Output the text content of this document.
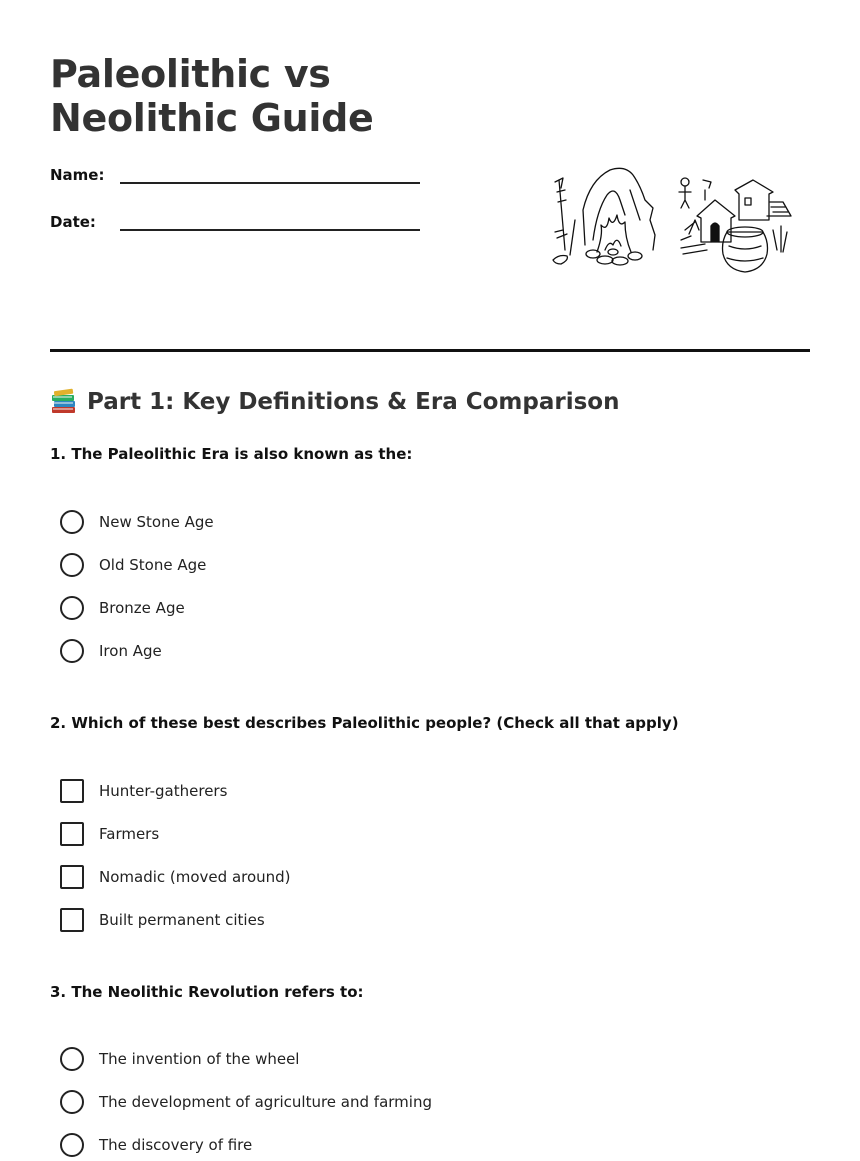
Paleolithic vs Neolithic Guide
Name:
Date:
Part 1: Key Definitions & Era Comparison
1. The Paleolithic Era is also known as the:
New Stone Age
Old Stone Age
Bronze Age
Iron Age
2. Which of these best describes Paleolithic people? (Check all that apply)
Hunter-gatherers
Farmers
Nomadic (moved around)
Built permanent cities
3. The Neolithic Revolution refers to:
The invention of the wheel
The development of agriculture and farming
The discovery of fire
